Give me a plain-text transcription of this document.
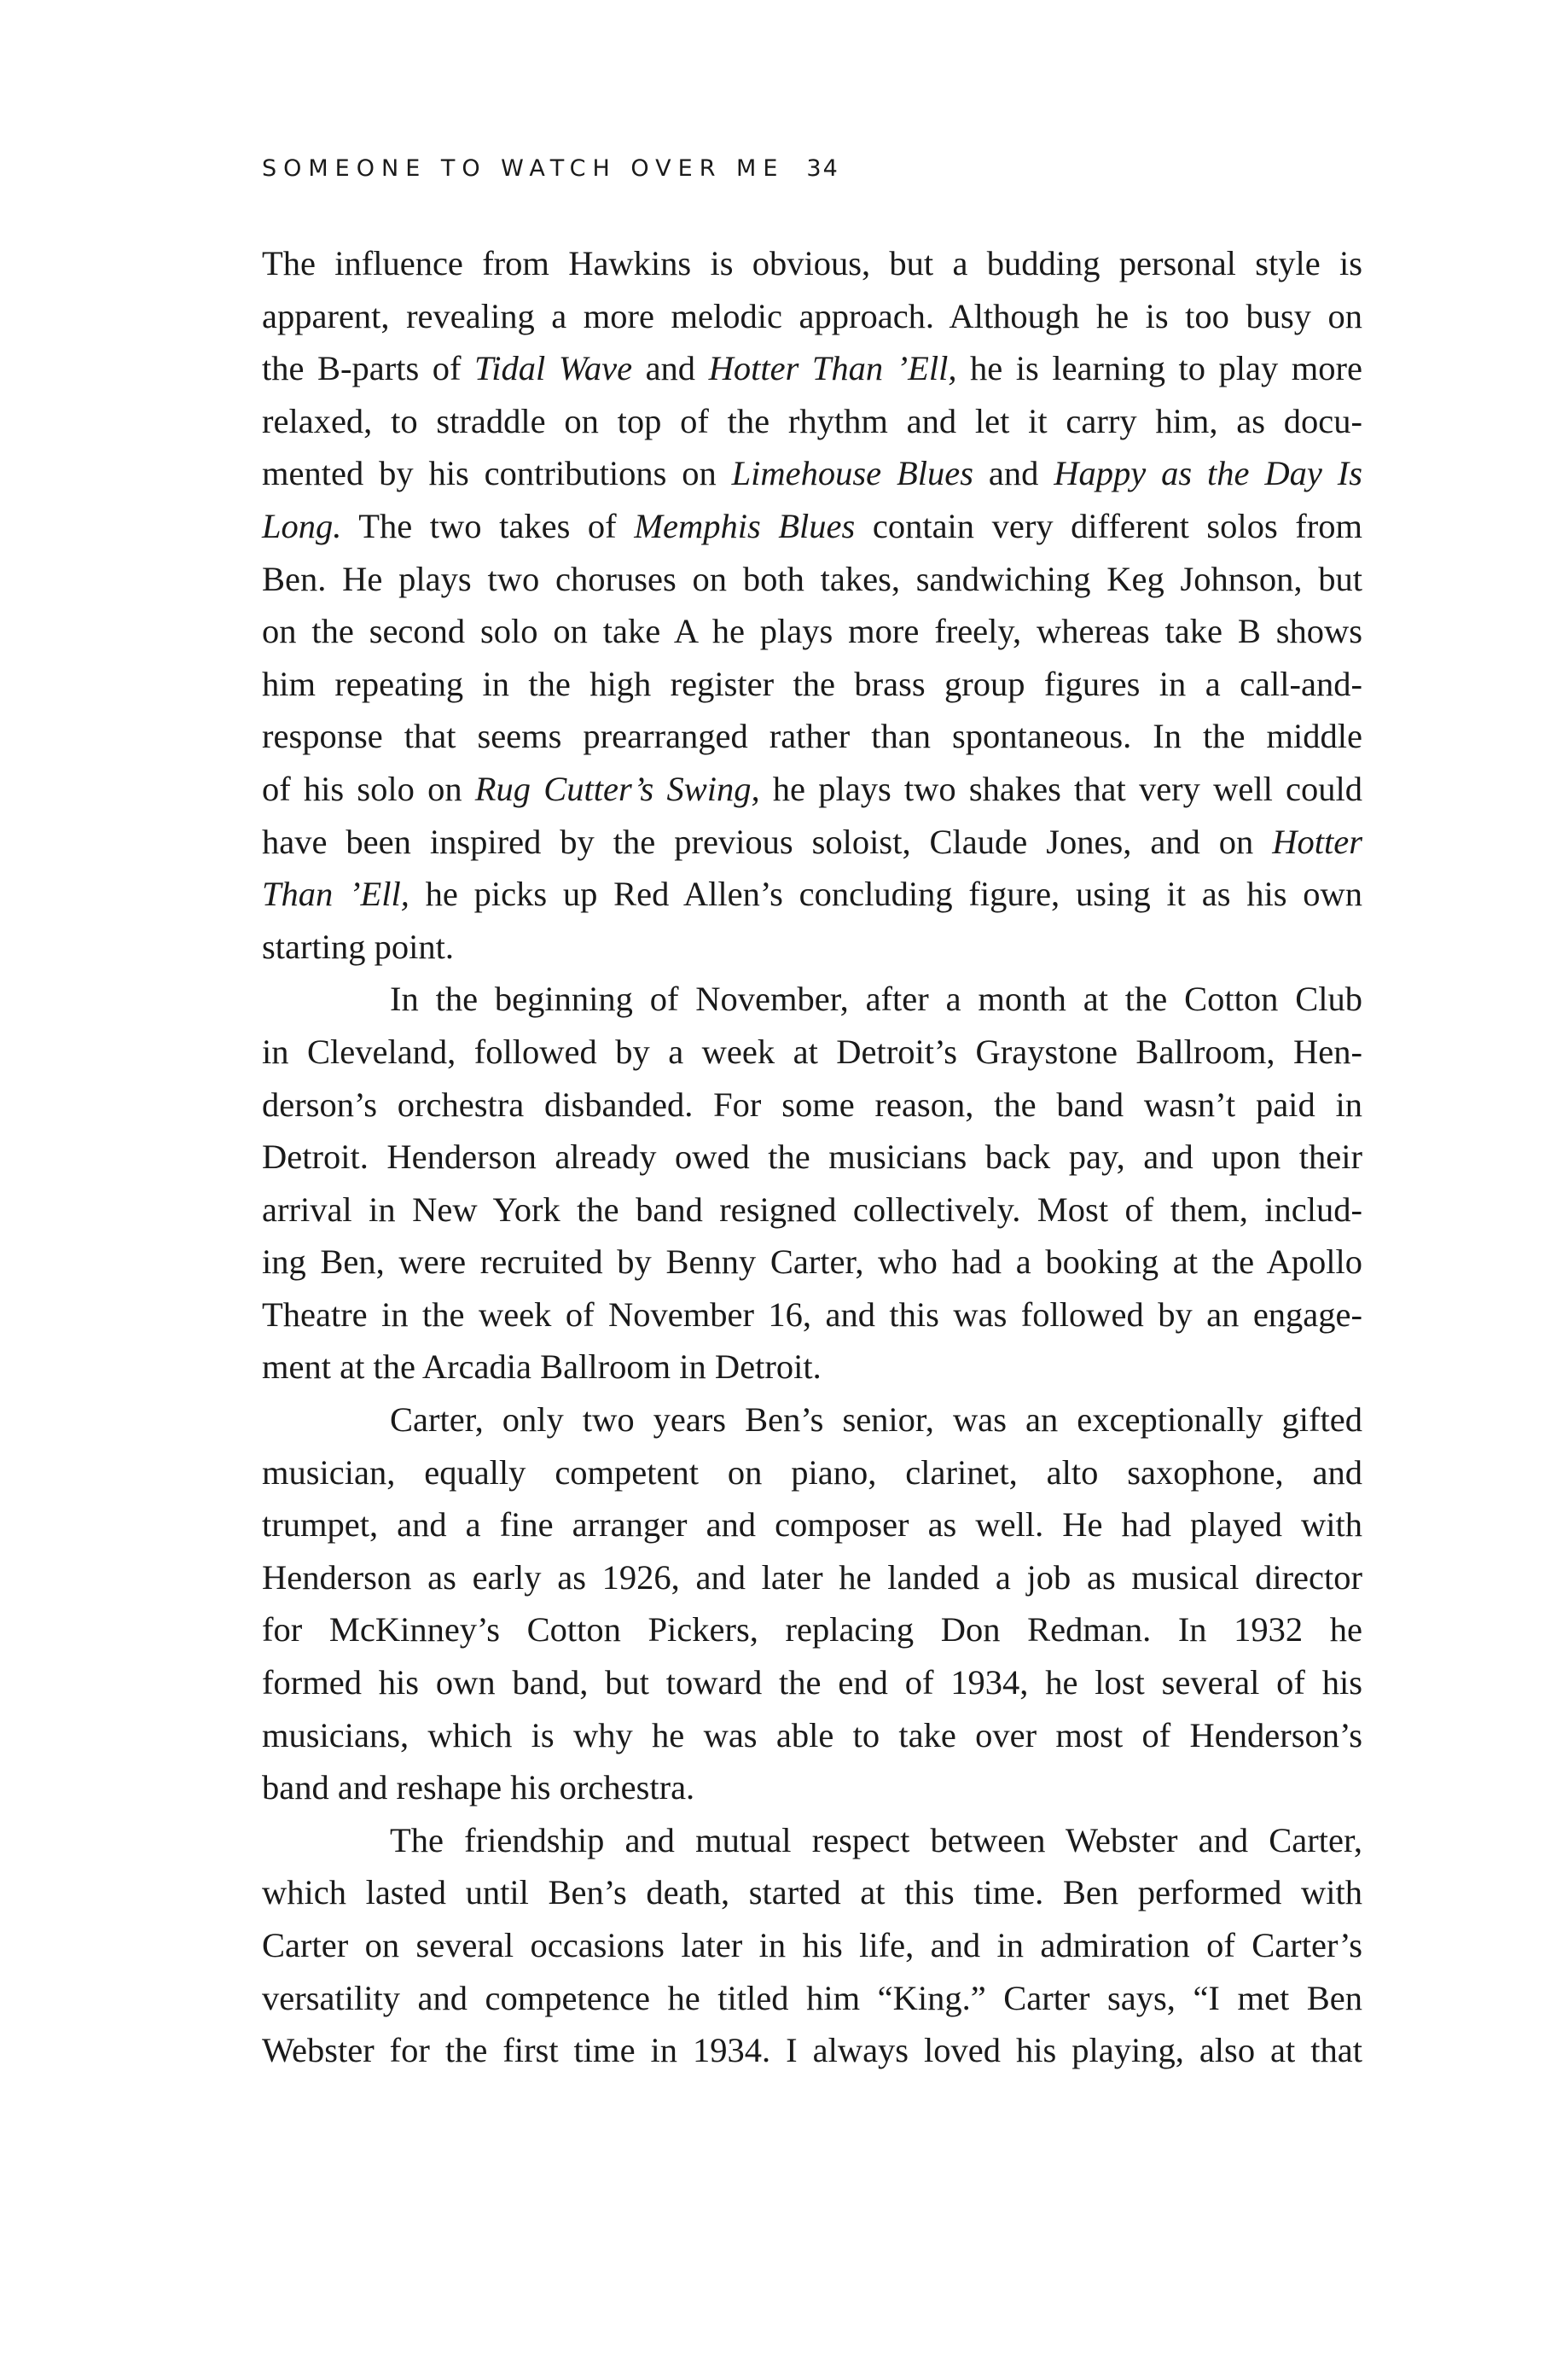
SOMEONE TO WATCH OVER ME 34
The influence from Hawkins is obvious, but a budding personal style is
apparent, revealing a more melodic approach. Although he is too busy on
the B-parts of Tidal Wave and Hotter Than ’Ell, he is learning to play more
relaxed, to straddle on top of the rhythm and let it carry him, as docu-
mented by his contributions on Limehouse Blues and Happy as the Day Is
Long. The two takes of Memphis Blues contain very different solos from
Ben. He plays two choruses on both takes, sandwiching Keg Johnson, but
on the second solo on take A he plays more freely, whereas take B shows
him repeating in the high register the brass group figures in a call-and-
response that seems prearranged rather than spontaneous. In the middle
of his solo on Rug Cutter’s Swing, he plays two shakes that very well could
have been inspired by the previous soloist, Claude Jones, and on Hotter
Than ’Ell, he picks up Red Allen’s concluding figure, using it as his own
starting point.
In the beginning of November, after a month at the Cotton Club
in Cleveland, followed by a week at Detroit’s Graystone Ballroom, Hen-
derson’s orchestra disbanded. For some reason, the band wasn’t paid in
Detroit. Henderson already owed the musicians back pay, and upon their
arrival in New York the band resigned collectively. Most of them, includ-
ing Ben, were recruited by Benny Carter, who had a booking at the Apollo
Theatre in the week of November 16, and this was followed by an engage-
ment at the Arcadia Ballroom in Detroit.
Carter, only two years Ben’s senior, was an exceptionally gifted
musician, equally competent on piano, clarinet, alto saxophone, and
trumpet, and a fine arranger and composer as well. He had played with
Henderson as early as 1926, and later he landed a job as musical director
for McKinney’s Cotton Pickers, replacing Don Redman. In 1932 he
formed his own band, but toward the end of 1934, he lost several of his
musicians, which is why he was able to take over most of Henderson’s
band and reshape his orchestra.
The friendship and mutual respect between Webster and Carter,
which lasted until Ben’s death, started at this time. Ben performed with
Carter on several occasions later in his life, and in admiration of Carter’s
versatility and competence he titled him “King.” Carter says, “I met Ben
Webster for the first time in 1934. I always loved his playing, also at that
